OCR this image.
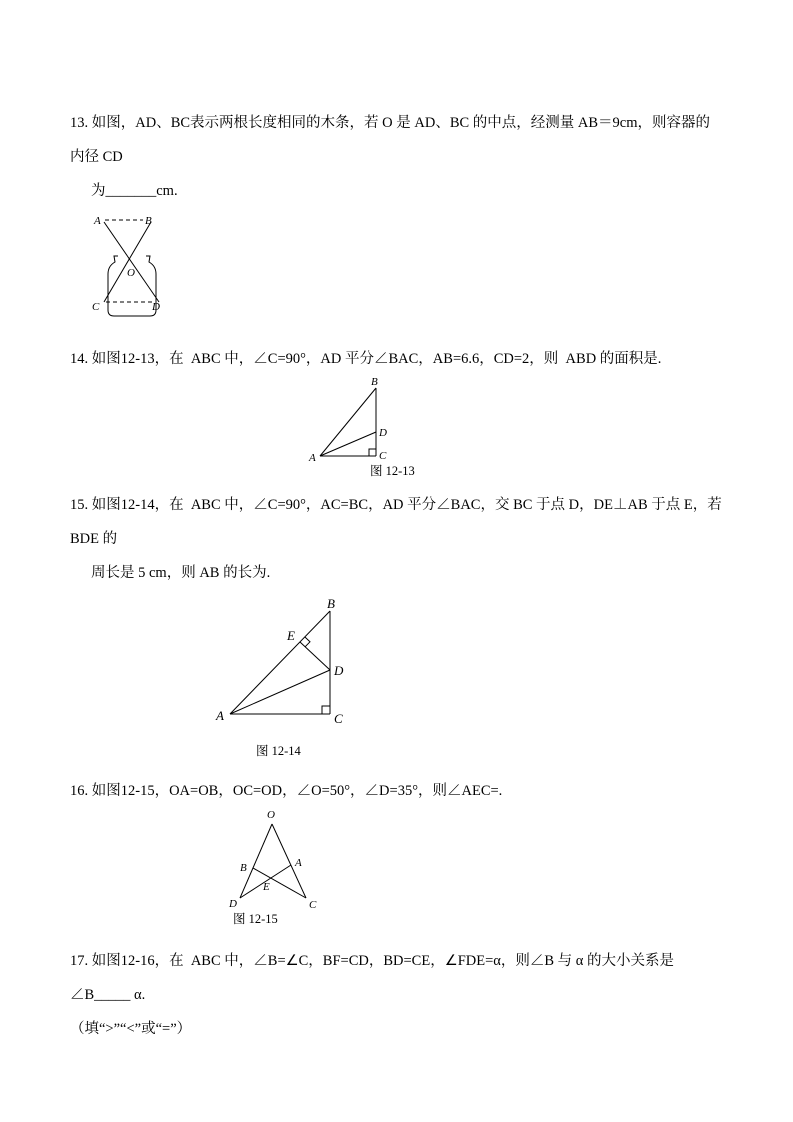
13. 如图，AD、BC表示两根长度相同的木条，若 O 是 AD、BC 的中点，经测量 AB＝9cm，则容器的内径 CD

为_______cm.

A	B
O
C	D

14. 如图12-13，在  ABC 中，∠C=90°，AD 平分∠BAC，AB=6.6，CD=2，则  ABD 的面积是.

B
D
C
A
图 12-13

15. 如图12-14，在  ABC 中，∠C=90°，AC=BC，AD 平分∠BAC，交 BC 于点 D，DE⊥AB 于点 E，若  BDE 的

周长是 5 cm，则 AB 的长为.

B
E
D
A	C
图 12-14

16. 如图12-15，OA=OB，OC=OD，∠O=50°，∠D=35°，则∠AEC=.

O
B	A
E
D	C
图 12-15

17. 如图12-16，在  ABC 中，∠B=∠C，BF=CD，BD=CE，∠FDE=α，则∠B 与 α 的大小关系是∠B_____ α.

（填“>”“<”或“=”）
